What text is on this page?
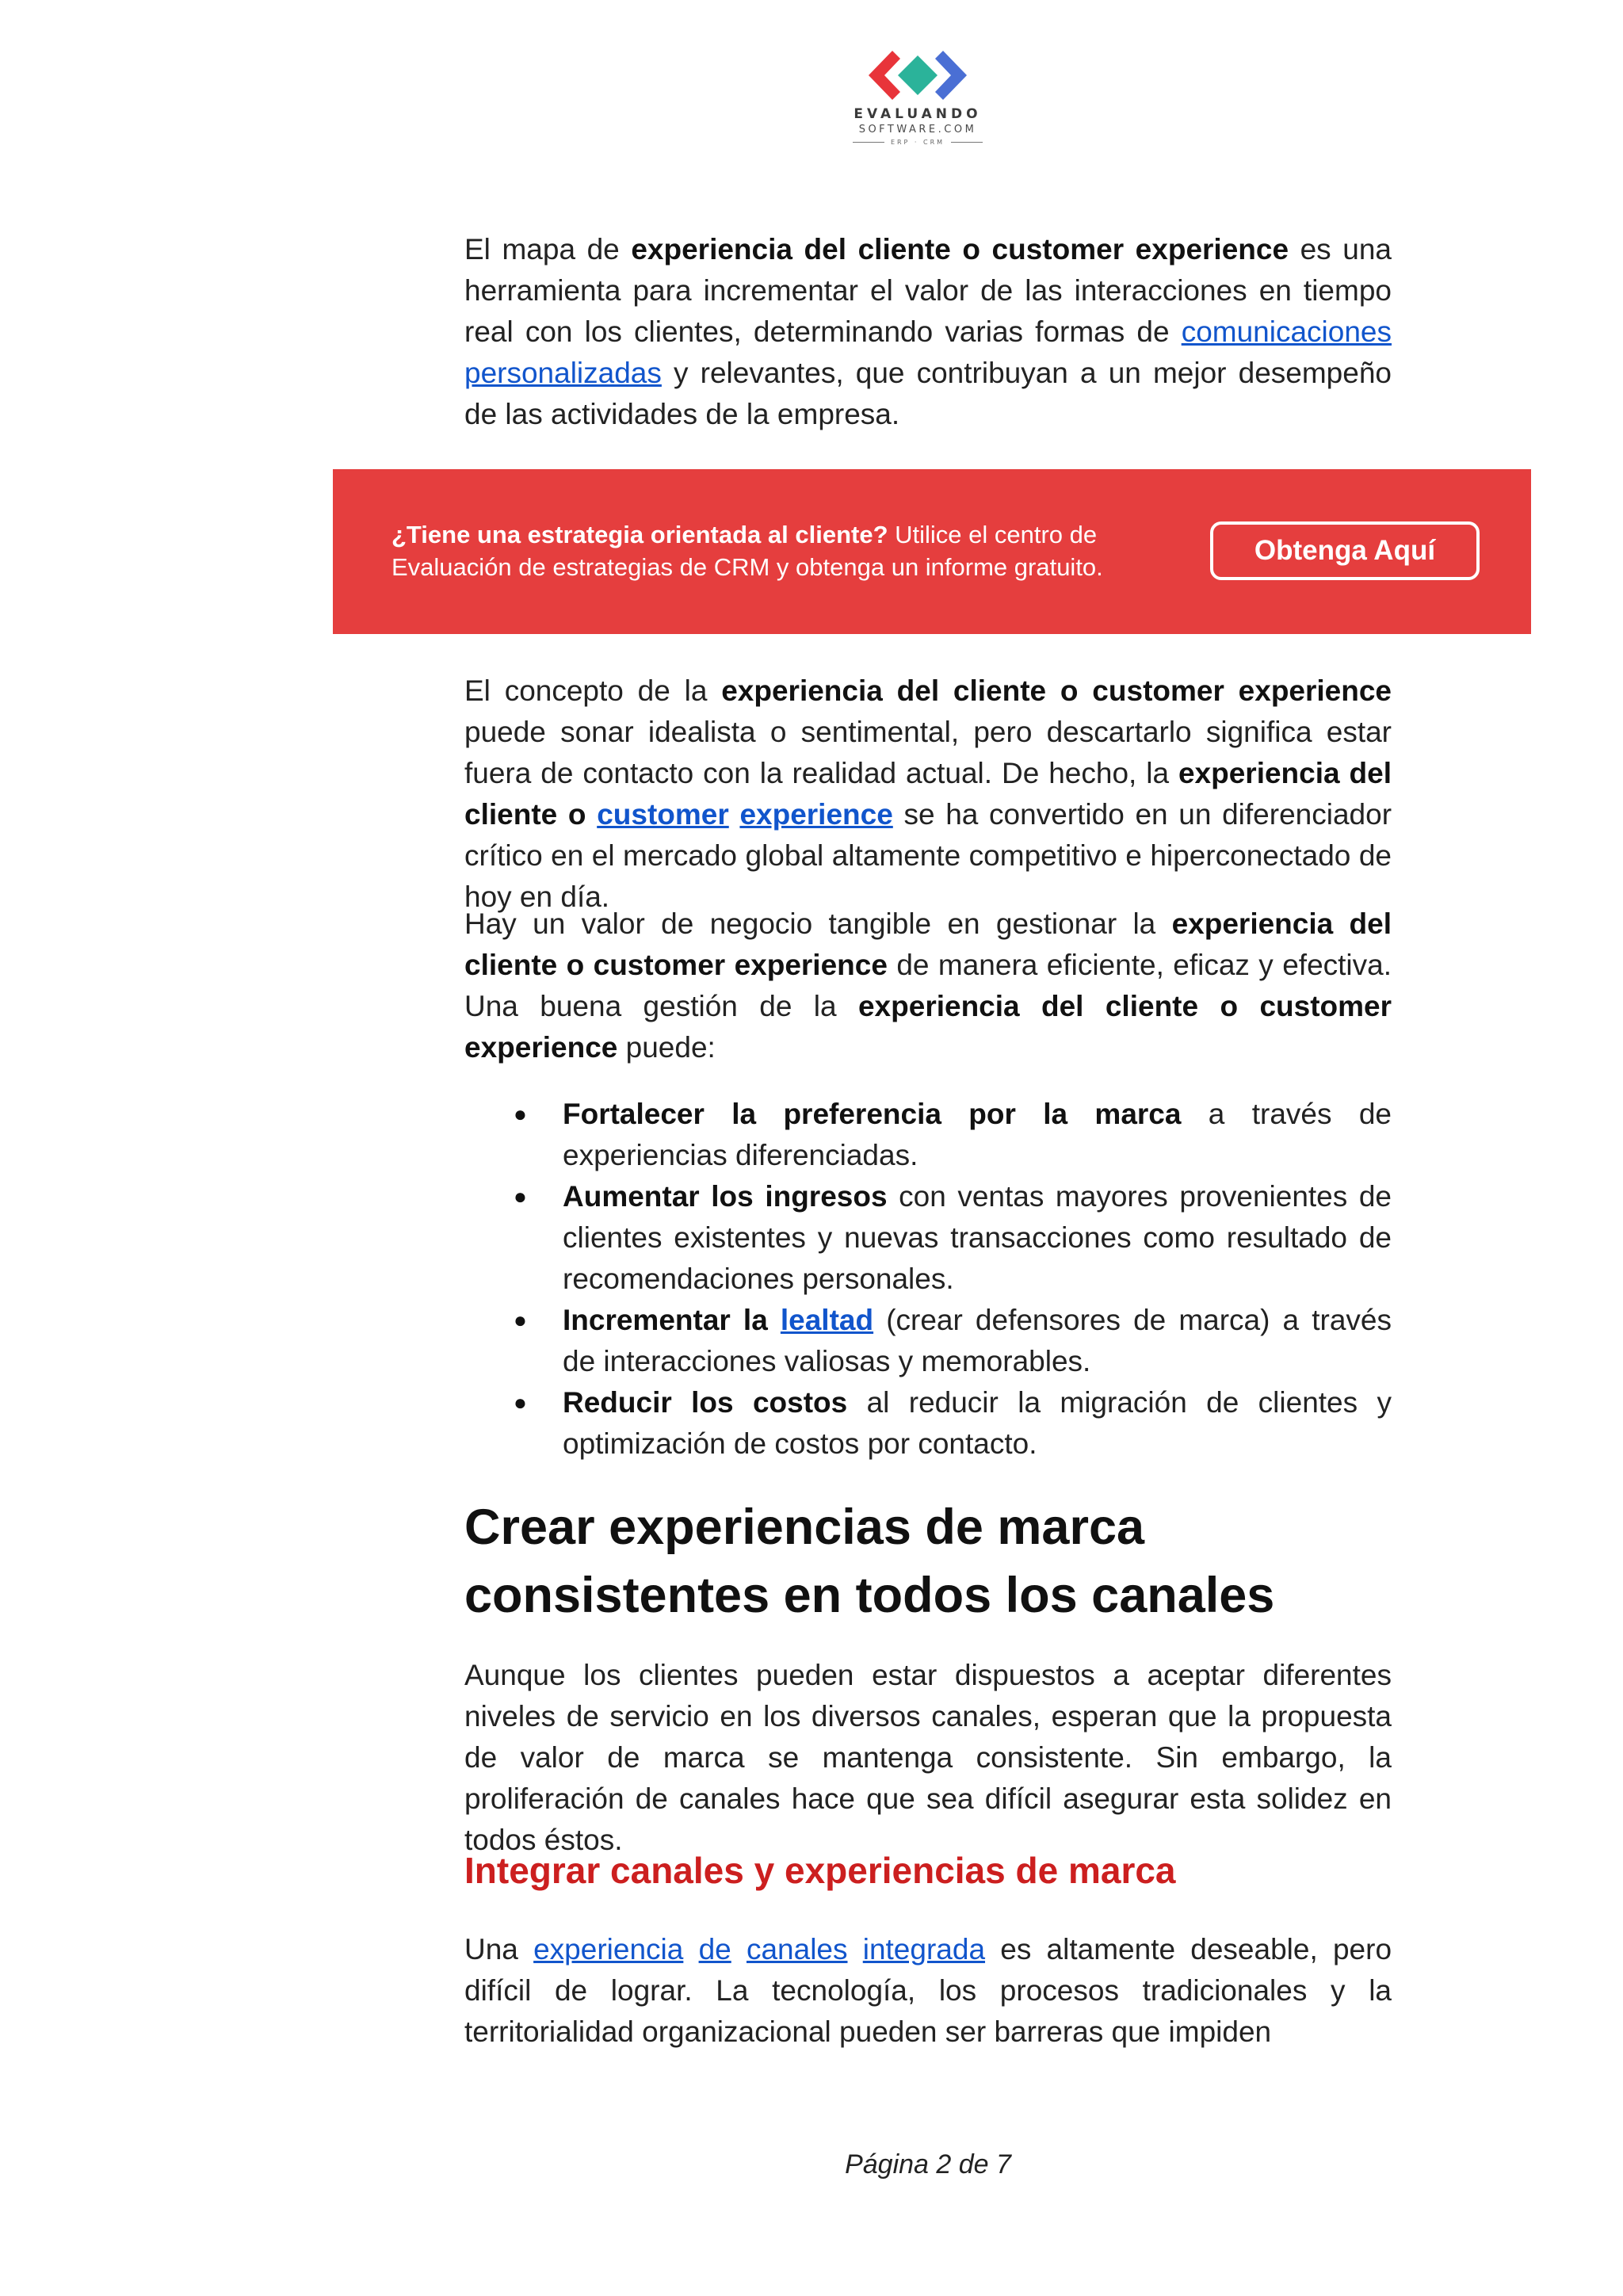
EVALUANDO
SOFTWARE.COM
ERP · CRM

El mapa de experiencia del cliente o customer experience es una herramienta para incrementar el valor de las interacciones en tiempo real con los clientes, determinando varias formas de comunicaciones personalizadas y relevantes, que contribuyan a un mejor desempeño de las actividades de la empresa.

¿Tiene una estrategia orientada al cliente? Utilice el centro de Evaluación de estrategias de CRM y obtenga un informe gratuito.
Obtenga Aquí

El concepto de la experiencia del cliente o customer experience puede sonar idealista o sentimental, pero descartarlo significa estar fuera de contacto con la realidad actual. De hecho, la experiencia del cliente o customer experience se ha convertido en un diferenciador crítico en el mercado global altamente competitivo e hiperconectado de hoy en día.

Hay un valor de negocio tangible en gestionar la experiencia del cliente o customer experience de manera eficiente, eficaz y efectiva. Una buena gestión de la experiencia del cliente o customer experience puede:

● Fortalecer la preferencia por la marca a través de experiencias diferenciadas.
● Aumentar los ingresos con ventas mayores provenientes de clientes existentes y nuevas transacciones como resultado de recomendaciones personales.
● Incrementar la lealtad (crear defensores de marca) a través de interacciones valiosas y memorables.
● Reducir los costos al reducir la migración de clientes y optimización de costos por contacto.
Crear experiencias de marca consistentes en todos los canales

Aunque los clientes pueden estar dispuestos a aceptar diferentes niveles de servicio en los diversos canales, esperan que la propuesta de valor de marca se mantenga consistente. Sin embargo, la proliferación de canales hace que sea difícil asegurar esta solidez en todos éstos.

Integrar canales y experiencias de marca

Una experiencia de canales integrada es altamente deseable, pero difícil de lograr. La tecnología, los procesos tradicionales y la territorialidad organizacional pueden ser barreras que impiden

Página 2 de 7
